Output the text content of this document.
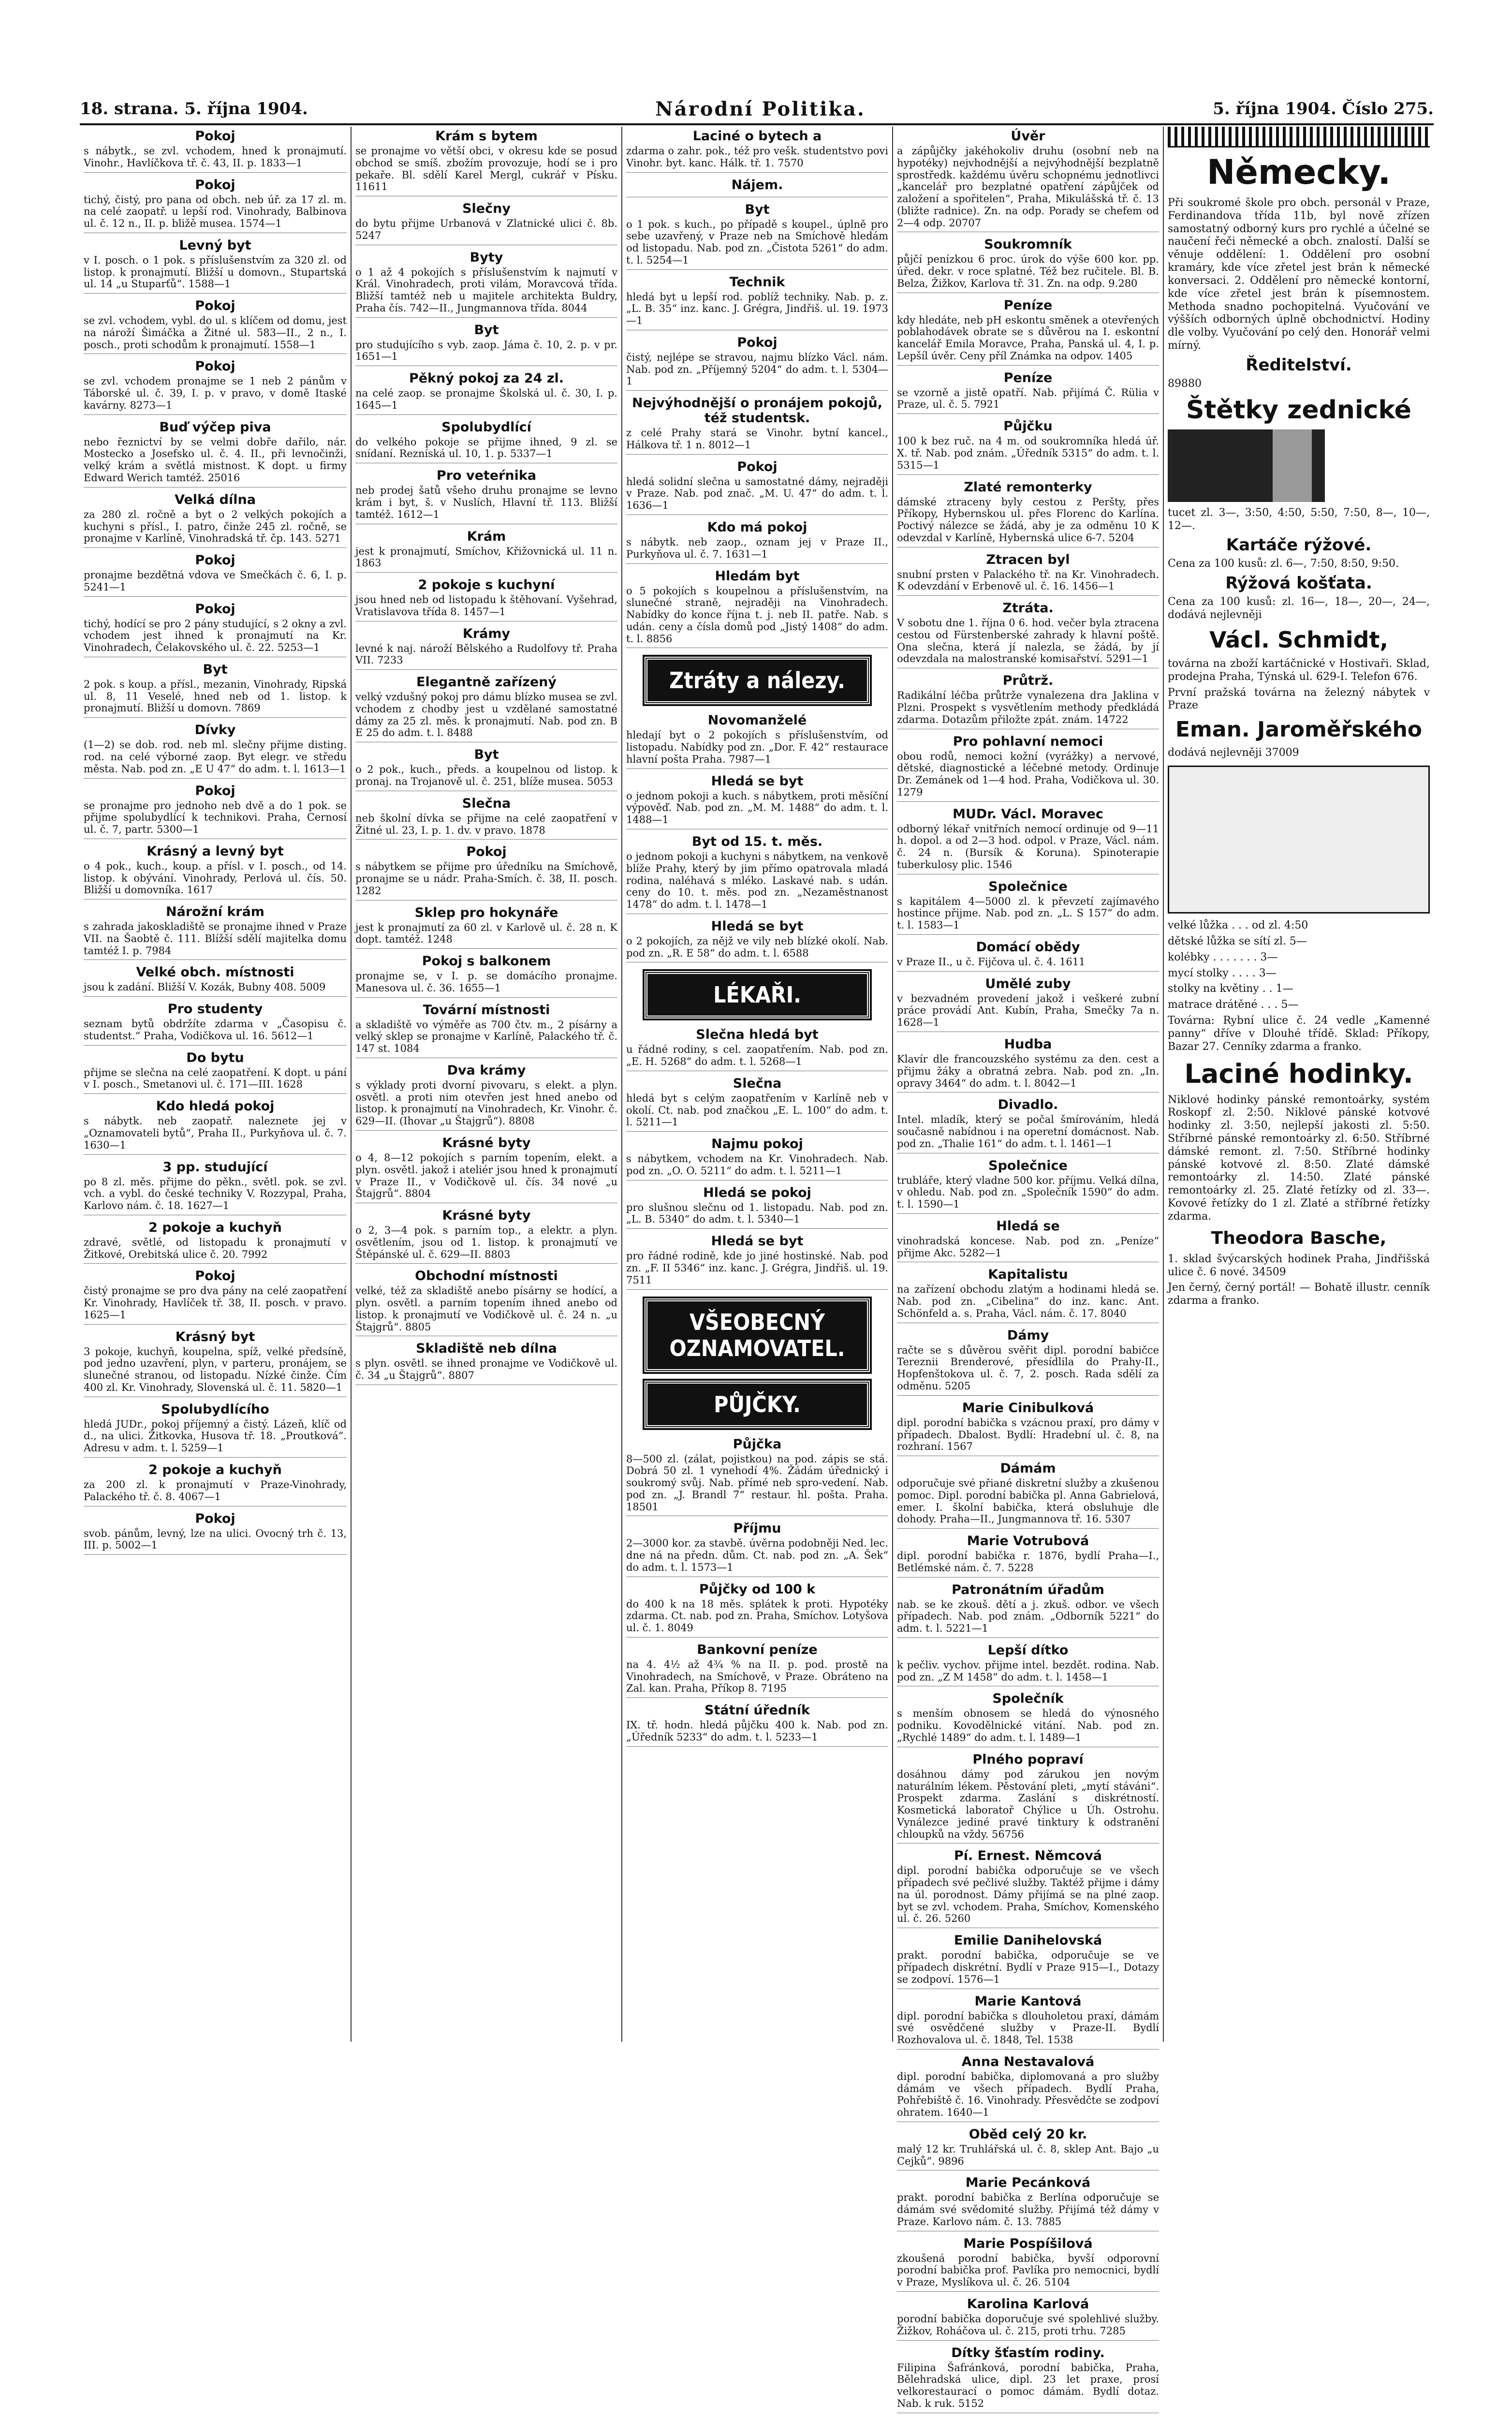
18. strana. 5. října 1904.	Národní Politika.	5. října 1904. Číslo 275.
Pokoj

s nábytk., se zvl. vchodem, hned k pronajmutí. Vinohr., Havlíčkova tř. č. 43, II. p. 1833—1

Pokoj

tichý, čistý, pro pana od obch. neb úř. za 17 zl. m. na celé zaopatř. u lepší rod. Vinohrady, Balbinova ul. č. 12 n., II. p. bližě musea. 1574—1

Levný byt

v I. posch. o 1 pok. s příslušenstvím za 320 zl. od listop. k pronajmutí. Bližší u domovn., Stupartská ul. 14 „u Stuparťů“. 1588—1

Pokoj

se zvl. vchodem, vybl. do ul. s klíčem od domu, jest na nároží Šimáčka a Žitné ul. 583—II., 2 n., I. posch., proti schodům k pronajmutí. 1558—1

Pokoj

se zvl. vchodem pronajme se 1 neb 2 pánům v Táborské ul. č. 39, I. p. v pravo, v domě Itaské kavárny. 8273—1

Buď výčep piva

nebo řeznictví by se velmi dobře dařilo, nár. Mostecko a Josefsko ul. č. 4. II., při levnočinži, velký krám a světlá mistnost. K dopt. u firmy Edward Werich tamtéž. 25016

Velká dílna

za 280 zl. ročně a byt o 2 velkých pokojích a kuchyni s přísl., I. patro, činže 245 zl. ročně, se pronajme v Karlíně, Vinohradská tř. čp. 143. 5271

Pokoj

pronajme bezdětná vdova ve Smečkách č. 6, I. p. 5241—1

Pokoj

tichý, hodící se pro 2 pány studující, s 2 okny a zvl. vchodem jest ihned k pronajmutí na Kr. Vinohradech, Čelakovského ul. č. 22. 5253—1

Byt

2 pok. s koup. a přísl., mezanin, Vinohrady, Ripská ul. 8, 11 Veselé, hned neb od 1. listop. k pronajmutí. Bližší u domovn. 7869

Dívky

(1—2) se dob. rod. neb ml. slečny přijme disting. rod. na celé výborné zaop. Byt elegr. ve středu města. Nab. pod zn. „E U 47“ do adm. t. l. 1613—1

Pokoj

se pronajme pro jednoho neb dvě a do 1 pok. se přijme spolubydlící k technikovi. Praha, Cernosí ul. č. 7, partr. 5300—1

Krásný a levný byt

o 4 pok., kuch., koup. a přísl. v I. posch., od 14. listop. k obývání. Vinohrady, Perlová ul. čís. 50. Bližší u domovníka. 1617

Nárožní krám

s zahrada jakoskladiště se pronajme ihned v Praze VII. na Šaobtě č. 111. Blížší sdělí majitelka domu tamtéž I. p. 7984

Velké obch. místnosti

jsou k zadání. Bližší V. Kozák, Bubny 408. 5009

Pro studenty

seznam bytů obdržíte zdarma v „Časopisu č. studentst.“ Praha, Vodičkova ul. 16. 5612—1

Do bytu

přijme se slečna na celé zaopatření. K dopt. u pání v I. posch., Smetanovi ul. č. 171—III. 1628

Kdo hledá pokoj

s nábytk. neb zaopatř. naleznete jej v „Oznamovateli bytů“, Praha II., Purkyňova ul. č. 7. 1630—1

3 pp. studující

po 8 zl. měs. přijme do pěkn., světl. pok. se zvl. vch. a vybl. do české techniky V. Rozzypal, Praha, Karlovo nám. č. 18. 1627—1

2 pokoje a kuchyň

zdravé, světlé, od listopadu k pronajmutí v Žitkové, Orebitská ulice č. 20. 7992

Pokoj

čistý pronajme se pro dva pány na celé zaopatření Kr. Vinohrady, Havlíček tř. 38, II. posch. v pravo. 1625—1

Krásný byt

3 pokoje, kuchyň, koupelna, spíž, velké předsíně, pod jedno uzavření, plyn, v parteru, pronájem, se slunečné stranou, od listopadu. Nízké činže. Čím 400 zl. Kr. Vinohrady, Slovenská ul. č. 11. 5820—1

Spolubydlícího

hledá JUDr., pokoj příjemný a čistý. Lázeň, klíč od d., na ulici. Žitkovka, Husova tř. 18. „Proutková“. Adresu v adm. t. l. 5259—1

2 pokoje a kuchyň

za 200 zl. k pronajmutí v Praze-Vinohrady, Palackého tř. č. 8. 4067—1

Pokoj

svob. pánům, levný, lze na ulici. Ovocný trh č. 13, III. p. 5002—1

Krám s bytem

se pronajme vo větší obci, v okresu kde se posud obchod se smíš. zbožím provozuje, hodí se i pro pekaře. Bl. sdělí Karel Mergl, cukrář v Písku. 11611

Slečny

do bytu přijme Urbanová v Zlatnické ulici č. 8b. 5247

Byty

o 1 až 4 pokojích s příslušenstvím k najmutí v Král. Vinohradech, proti vilám, Moravcová třída. Bližší tamtéž neb u majitele architekta Buldry, Praha čís. 742—II., Jungmannova třída. 8044

Byt

pro studujícího s vyb. zaop. Jáma č. 10, 2. p. v pr. 1651—1

Pěkný pokoj za 24 zl.

na celé zaop. se pronajme Školská ul. č. 30, I. p. 1645—1

Spolubydlící

do velkého pokoje se přijme ihned, 9 zl. se snídaní. Rezníská ul. 10, 1. p. 5337—1

Pro veteŕnika

neb prodej šatů všeho druhu pronajme se levno krám i byt, š. v Nuslích, Hlavní tř. 113. Bližší tamtéž. 1612—1

Krám

jest k pronajmutí, Smíchov, Křižovnická ul. 11 n. 1863

2 pokoje s kuchyní

jsou hned neb od listopadu k štěhovaní. Vyšehrad, Vratislavova třída 8. 1457—1

Krámy

levné k naj. nároží Bělského a Rudolfovy tř. Praha VII. 7233

Elegantně zařízený

velký vzdušný pokoj pro dámu blízko musea se zvl. vchodem z chodby jest u vzdělané samostatné dámy za 25 zl. měs. k pronajmutí. Nab. pod zn. B E 25 do adm. t. l. 8488

Byt

o 2 pok., kuch., předs. a koupelnou od listop. k pronaj. na Trojanově ul. č. 251, blíže musea. 5053

Slečna

neb školní dívka se přijme na celé zaopatření v Žitné ul. 23, I. p. 1. dv. v pravo. 1878

Pokoj

s nábytkem se přijme pro úředníku na Smíchově, pronajme se u nádr. Praha-Smích. č. 38, II. posch. 1282

Sklep pro hokynáře

jest k pronajmutí za 60 zl. v Karlově ul. č. 28 n. K dopt. tamtéž. 1248

Pokoj s balkonem

pronajme se, v I. p. se domácího pronajme. Manesova ul. č. 36. 1655—1

Tovární místnosti

a skladiště vo výměře as 700 čtv. m., 2 písárny a velký sklep se pronajme v Karlíně, Palackého tř. č. 147 st. 1084

Dva krámy

s výklady proti dvorní pivovaru, s elekt. a plyn. osvětl. a proti nim otevřen jest hned anebo od listop. k pronajmutí na Vinohradech, Kr. Vinohr. č. 629—II. (Ihovar „u Štajgrů“). 8808

Krásné byty

o 4, 8—12 pokojích s parním topením, elekt. a plyn. osvětl. jakož i ateliér jsou hned k pronajmutí v Praze II., v Vodičkově ul. čís. 34 nové „u Štajgrů“. 8804

Krásné byty

o 2, 3—4 pok. s parním top., a elektr. a plyn. osvětlením, jsou od 1. listop. k pronajmutí ve Štěpánské ul. č. 629—II. 8803

Obchodní místnosti

velké, též za skladiště anebo písárny se hodící, a plyn. osvětl. a parním topením ihned anebo od listop. k pronajmutí ve Vodičkově ul. č. 24 n. „u Štajgrů“. 8805

Skladiště neb dílna

s plyn. osvětl. se ihned pronajme ve Vodičkově ul. č. 34 „u Štajgrů“. 8807

Laciné o bytech a

zdarma o zahr. pok., též pro vešk. studentstvo povi Vinohr. byt. kanc. Hálk. tř. 1. 7570

Nájem.
Byt

o 1 pok. s kuch., po případě s koupel., úplně pro sebe uzavřený, v Praze neb na Smíchově hledám od listopadu. Nab. pod zn. „Čistota 5261“ do adm. t. l. 5254—1

Technik

hledá byt u lepší rod. poblíž techniky. Nab. p. z. „L. B. 35“ inz. kanc. J. Grégra, Jindřiš. ul. 19. 1973—1

Pokoj

čistý, nejlépe se stravou, najmu blízko Václ. nám. Nab. pod zn. „Příjemný 5204“ do adm. t. l. 5304—1

Nejvýhodnější o pronájem pokojů, též studentsk.

z celé Prahy stará se Vinohr. bytní kancel., Hálkova tř. 1 n. 8012—1

Pokoj

hledá solidní slečna u samostatné dámy, nejraději v Praze. Nab. pod znač. „M. U. 47“ do adm. t. l. 1636—1

Kdo má pokoj

s nábytk. neb zaop., oznam jej v Praze II., Purkyňova ul. č. 7. 1631—1

Hledám byt

o 5 pokojích s koupelnou a příslušenstvím, na slunečné straně, nejraději na Vinohradech. Nabídky do konce října t. j. neb II. patře. Nab. s udán. ceny a čísla domů pod „Jistý 1408“ do adm. t. l. 8856

Ztráty a nálezy.
Novomanželé

hledají byt o 2 pokojích s příslušenstvím, od listopadu. Nabídky pod zn. „Dor. F. 42“ restaurace hlavní pošta Praha. 7987—1

Hledá se byt

o jednom pokoji a kuch. s nábytkem, proti měsíční výpověď. Nab. pod zn. „M. M. 1488“ do adm. t. l. 1488—1

Byt od 15. t. měs.

o jednom pokoji a kuchyni s nábytkem, na venkově blíže Prahy, který by jim přímo opatrovala mladá rodina, naléhavá s mléko. Laskavé nab. s udán. ceny do 10. t. měs. pod zn. „Nezaměstnanost 1478“ do adm. t. l. 1478—1

Hledá se byt

o 2 pokojích, za nějž ve vily neb blízké okolí. Nab. pod zn. „R. E 58“ do adm. t. l. 6588

LÉKAŘI.
Slečna hledá byt

u řádné rodiny, s cel. zaopatřením. Nab. pod zn. „E. H. 5268“ do adm. t. l. 5268—1

Slečna

hledá byt s celým zaopatřením v Karlíně neb v okolí. Ct. nab. pod značkou „E. L. 100“ do adm. t. l. 5211—1

Najmu pokoj

s nábytkem, vchodem na Kr. Vinohradech. Nab. pod zn. „O. O. 5211“ do adm. t. l. 5211—1

Hledá se pokoj

pro slušnou slečnu od 1. listopadu. Nab. pod zn. „L. B. 5340“ do adm. t. l. 5340—1

Hledá se byt

pro řádné rodině, kde jo jiné hostinské. Nab. pod zn. „F. II 5346“ inz. kanc. J. Grégra, Jindřiš. ul. 19. 7511

VŠEOBECNÝ OZNAMOVATEL.
PŮJČKY.
Půjčka

8—500 zl. (zálat, pojistkou) na pod. zápis se stá. Dobrá 50 zl. 1 vynehodí 4%. Žádám úřednický i soukromý svůj. Nab. přímé neb spro-vedení. Nab. pod zn. „J. Brandl 7“ restaur. hl. pošta. Praha. 18501

Příjmu

2—3000 kor. za stavbě. úvěrna podobněji Ned. lec. dne ná na předn. dům. Ct. nab. pod zn. „A. Šek“ do adm. t. l. 1573—1

Půjčky od 100 k

do 400 k na 18 měs. splátek k proti. Hypotéky zdarma. Ct. nab. pod zn. Praha, Smíchov. Lotyšova ul. č. 1. 8049

Bankovní peníze

na 4. 4½ až 4¾ % na II. p. pod. prostě na Vinohradech, na Smíchově, v Praze. Obráteno na Zal. kan. Praha, Příkop 8. 7195

Státní úředník

IX. tř. hodn. hledá půjčku 400 k. Nab. pod zn. „Úředník 5233“ do adm. t. l. 5233—1

Úvěr

a zápůjčky jakéhokoliv druhu (osobní neb na hypotéky) nejvhodnější a nejvýhodnější bezplatně sprostředk. každému úvěru schopnému jednotlivci „kancelář pro bezplatné opatření zápůjček od založení a spořitelen“, Praha, Mikulášská tř. č. 13 (bližte radnice). Zn. na odp. Porady se chefem od 2—4 odp. 20707

Soukromník

půjčí penízkou 6 proc. úrok do výše 600 kor. pp. úřed. dekr. v roce splatné. Též bez ručitele. Bl. B. Belza, Žižkov, Karlova tř. 31. Zn. na odp. 9.280

Peníze

kdy hledáte, neb pH eskontu směnek a otevřených poblahodávek obrate se s důvěrou na I. eskontní kancelář Emila Moravce, Praha, Panská ul. 4, I. p. Lepšíl úvěr. Ceny příl Známka na odpov. 1405

Peníze

se vzorně a jistě opatří. Nab. přijímá Č. Rülia v Praze, ul. č. 5. 7921

Půjčku

100 k bez ruč. na 4 m. od soukromníka hledá úř. X. tř. Nab. pod znám. „Úředník 5315“ do adm. t. l. 5315—1

Zlaté remonterky

dámské ztraceny byly cestou z Peršty, přes Příkopy, Hybernskou ul. přes Florenc do Karlína. Poctivý nálezce se žádá, aby je za odměnu 10 K odevzdal v Karlíně, Hybernská ulice 6-7. 5204

Ztracen byl

snubní prsten v Palackého tř. na Kr. Vinohradech. K odevzdání v Erbenově ul. č. 16. 1456—1

Ztráta.

V sobotu dne 1. října 0 6. hod. večer byla ztracena cestou od Fürstenberské zahrady k hlavní poště. Ona slečna, která jí nalezla, se žádá, by jí odevzdala na malostranské komisařství. 5291—1

Průtrž.

Radikální léčba průtrže vynalezena dra Jaklina v Plzni. Prospekt s vysvětlením methody předkládá zdarma. Dotazům přiložte zpát. znám. 14722

Pro pohlavní nemoci

obou rodů, nemoci kožní (vyrážky) a nervové, dětské, diagnostické a léčebné metody. Ordinuje Dr. Zemánek od 1—4 hod. Praha, Vodičkova ul. 30. 1279

MUDr. Václ. Moravec

odborný lékař vnitřních nemocí ordinuje od 9—11 h. dopol. a od 2—3 hod. odpol. v Praze, Václ. nám. č. 24 n. (Bursík & Koruna). Spinoterapie tuberkulosy plic. 1546

Společnice

s kapitálem 4—5000 zl. k převzetí zajímavého hostince přijme. Nab. pod zn. „L. S 157“ do adm. t. l. 1583—1

Domácí obědy

v Praze II., u č. Fijčova ul. č. 4. 1611

Umělé zuby

v bezvadném provedení jakož i veškeré zubní práce provádí Ant. Kubín, Praha, Smečky 7a n. 1628—1

Hudba

Klavír dle francouzského systému za den. cest a přijmu žáky a obratná zebra. Nab. pod zn. „In. opravy 3464“ do adm. t. l. 8042—1

Divadlo.

Intel. mladík, který se počal šmírováním, hledá současně nabídnou i na operetní domácnost. Nab. pod zn. „Thalie 161“ do adm. t. l. 1461—1

Společnice

trubláře, který vladne 500 kor. příjmu. Velká dílna, v ohledu. Nab. pod zn. „Společník 1590“ do adm. t. l. 1590—1

Hledá se

vinohradská koncese. Nab. pod zn. „Peníze“ přijme Akc. 5282—1

Kapitalistu

na zařízení obchodu zlatým a hodinami hledá se. Nab. pod zn. „Cibelina“ do inz. kanc. Ant. Schönfeld a. s. Praha, Václ. nám. č. 17. 8040

Dámy

račte se s důvěrou svěřit dipl. porodní babičce Tereznii Brenderové, přesídlila do Prahy-II., Hopfenštokova ul. č. 7, 2. posch. Rada sdělí za odměnu. 5205

Marie Cinibulková

dipl. porodní babička s vzácnou praxí, pro dámy v případech. Dbalost. Bydlí: Hradební ul. č. 8, na rozhraní. 1567

Dámám

odporučuje své přiané diskretní služby a zkušenou pomoc. Dipl. porodní babička pl. Anna Gabrielová, emer. I. školní babička, která obsluhuje dle dohody. Praha—II., Jungmannova tř. 16. 5307

Marie Votrubová

dipl. porodní babička r. 1876, bydlí Praha—I., Betlémské nám. č. 7. 5228

Patronátním úřadům

nab. se ke zkouš. dětí a j. zkuš. odbor. ve všech případech. Nab. pod znám. „Odborník 5221“ do adm. t. l. 5221—1

Lepší dítko

k pečliv. vychov. přijme intel. bezdět. rodina. Nab. pod zn. „Z M 1458“ do adm. t. l. 1458—1

Společník

s menším obnosem se hledá do výnosného podniku. Kovodělnické vitání. Nab. pod zn. „Rychlé 1489“ do adm. t. l. 1489—1

Plného popraví

dosáhnou dámy pod zárukou jen novým naturálním lékem. Pěstování pleti, „mytí stáváni“. Prospekt zdarma. Zaslání s diskrétností. Kosmetická laboratoř Chýlice u Úh. Ostrohu. Vynálezce jediné pravé tinktury k odstranění chloupků na vždy. 56756

Pí. Ernest. Němcová

dipl. porodní babička odporučuje se ve všech případech své pečlivé služby. Taktéž přijme i dámy na úl. porodnost. Dámy přijímá se na plné zaop. byt se zvl. vchodem. Praha, Smíchov, Komenského ul. č. 26. 5260

Emilie Danihelovská

prakt. porodní babička, odporučuje se ve případech diskrétní. Bydlí v Praze 915—I., Dotazy se zodpoví. 1576—1

Marie Kantová

dipl. porodní babička s dlouholetou praxí, dámám své osvědčené služby v Praze-II. Bydlí Rozhovalova ul. č. 1848, Tel. 1538

Anna Nestavalová

dipl. porodní babička, diplomovaná a pro služby dámám ve všech případech. Bydlí Praha, Pohřebiště č. 16. Vinohrady. Přesvědčte se zodpoví ohratem. 1640—1

Oběd celý 20 kr.

malý 12 kr. Truhlářská ul. č. 8, sklep Ant. Bajo „u Cejků“. 9896

Marie Pecánková

prakt. porodní babička z Berlína odporučuje se dámám své svědomité služby. Přijímá též dámy v Praze. Karlovo nám. č. 13. 7885

Marie Pospíšilová

zkoušená porodní babička, byvší odporovní porodní babička prof. Pavlíka pro nemocnici, bydlí v Praze, Myslíkova ul. č. 26. 5104

Karolina Karlová

porodní babička doporučuje své spolehlivé služby. Žižkov, Roháčova ul. č. 215, proti trhu. 7285

Dítky šťastím rodiny.

Filipina Šafránková, porodní babička, Praha, Bělehradská ulice, dipl. 23 let praxe, prosí velkorestaurací o pomoc dámám. Bydlí dotaz. Nab. k ruk. 5152

Německy.

Při soukromé škole pro obch. personál v Praze, Ferdinandova třída 11b, byl nově zřízen samostatný odborný kurs pro rychlé a účelné se naučení řeči německé a obch. znalostí. Další se věnuje oddělení: 1. Oddělení pro osobní kramáry, kde více zřetel jest brán k německé konversaci. 2. Oddělení pro německé kontorní, kde více zřetel jest brán k písemnostem. Methoda snadno pochopitelná. Vyučování ve výšších odborných úplně obchodnictví. Hodiny dle volby. Vyučování po celý den. Honorář velmi mírný.

Ředitelství.

89880

Štětky zednické

tucet zl. 3—, 3:50, 4:50, 5:50, 7:50, 8—, 10—, 12—.

Kartáče rýžové.

Cena za 100 kusů: zl. 6—, 7:50, 8:50, 9:50.

Rýžová košťata.

Cena za 100 kusů: zl. 16—, 18—, 20—, 24—, dodává nejlevněji

Václ. Schmidt,

továrna na zboží kartáčnické v Hostivaři. Sklad, prodejna Praha, Týnská ul. 629-I. Telefon 676.

První pražská továrna na železný nábytek v Praze

Eman. Jaroměřského

dodává nejlevněji 37009

velké lůžka . . . od zl. 4:50

dětské lůžka se sítí zl. 5—

kolébky . . . . . . . 3—

mycí stolky . . . . 3—

stolky na květiny . . 1—

matrace drátěné . . . 5—

Továrna: Rybní ulice č. 24 vedle „Kamenné panny“ dříve v Dlouhé třídě. Sklad: Příkopy, Bazar 27. Cenníky zdarma a franko.

Laciné hodinky.

Niklové hodinky pánské remontoárky, systém Roskopf zl. 2:50. Niklové pánské kotvové hodinky zl. 3:50, nejlepší jakosti zl. 5:50. Stříbrné pánské remontoárky zl. 6:50. Stříbrné dámské remont. zl. 7:50. Stříbrné hodinky pánské kotvové zl. 8:50. Zlaté dámské remontoárky zl. 14:50. Zlaté pánské remontoárky zl. 25. Zlaté řetízky od zl. 33—. Kovové řetízky do 1 zl. Zlaté a stříbrné řetízky zdarma.

Theodora Basche,

1. sklad švýcarských hodinek Praha, Jindřišská ulice č. 6 nové. 34509

Jen černý, černý portál! — Bohatě illustr. cenník zdarma a franko.
